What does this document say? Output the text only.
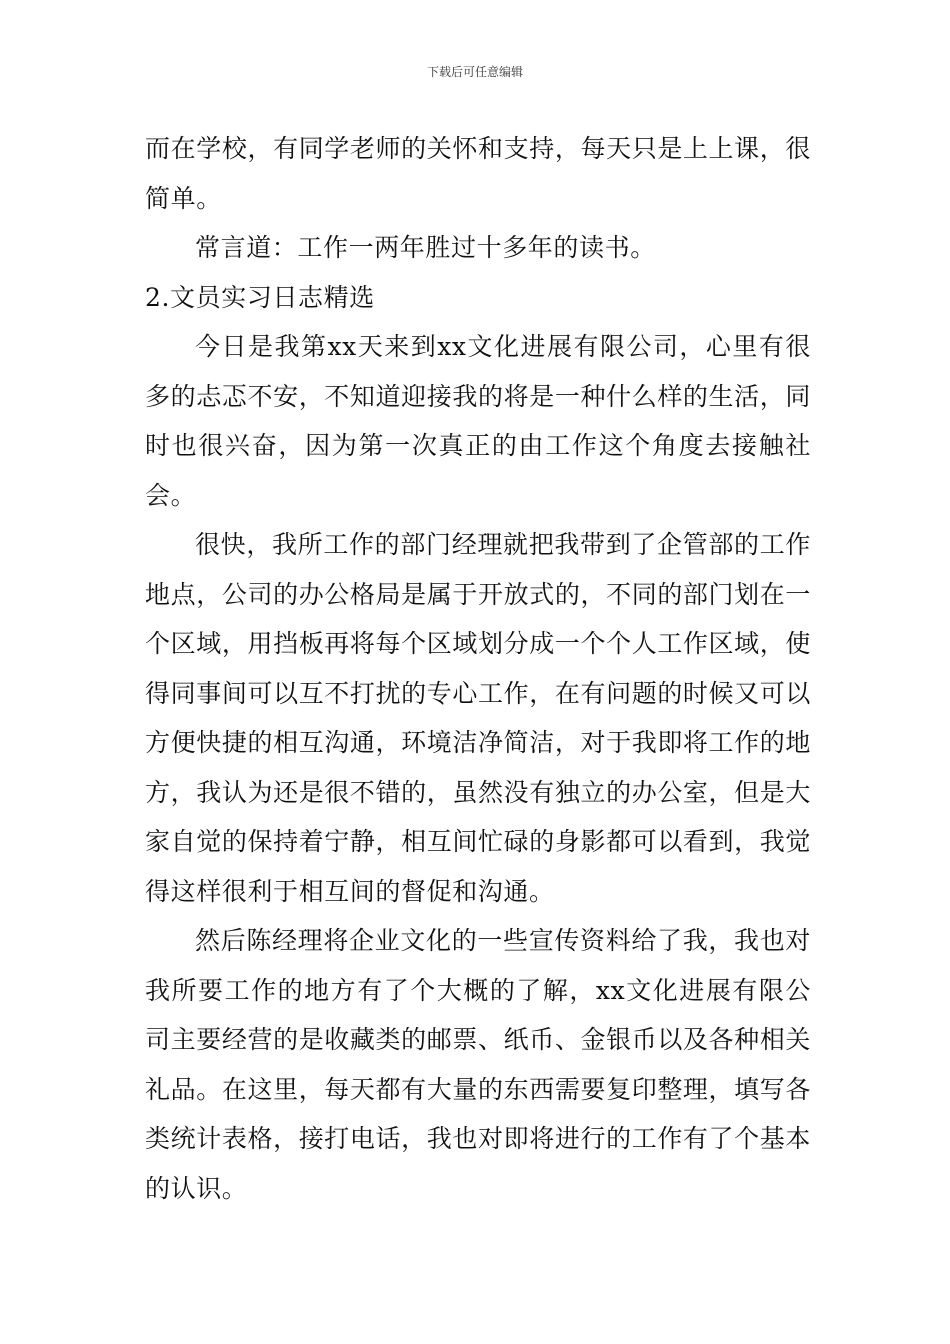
下载后可任意编辑

而在学校，有同学老师的关怀和支持，每天只是上上课，很简单。

常言道：工作一两年胜过十多年的读书。

2.文员实习日志精选

今日是我第xx天来到xx文化进展有限公司，心里有很多的忐忑不安，不知道迎接我的将是一种什么样的生活，同时也很兴奋，因为第一次真正的由工作这个角度去接触社会。

很快，我所工作的部门经理就把我带到了企管部的工作地点，公司的办公格局是属于开放式的，不同的部门划在一个区域，用挡板再将每个区域划分成一个个人工作区域，使得同事间可以互不打扰的专心工作，在有问题的时候又可以方便快捷的相互沟通，环境洁净简洁，对于我即将工作的地方，我认为还是很不错的，虽然没有独立的办公室，但是大家自觉的保持着宁静，相互间忙碌的身影都可以看到，我觉得这样很利于相互间的督促和沟通。

然后陈经理将企业文化的一些宣传资料给了我，我也对我所要工作的地方有了个大概的了解，xx文化进展有限公司主要经营的是收藏类的邮票、纸币、金银币以及各种相关礼品。在这里，每天都有大量的东西需要复印整理，填写各类统计表格，接打电话，我也对即将进行的工作有了个基本的认识。
